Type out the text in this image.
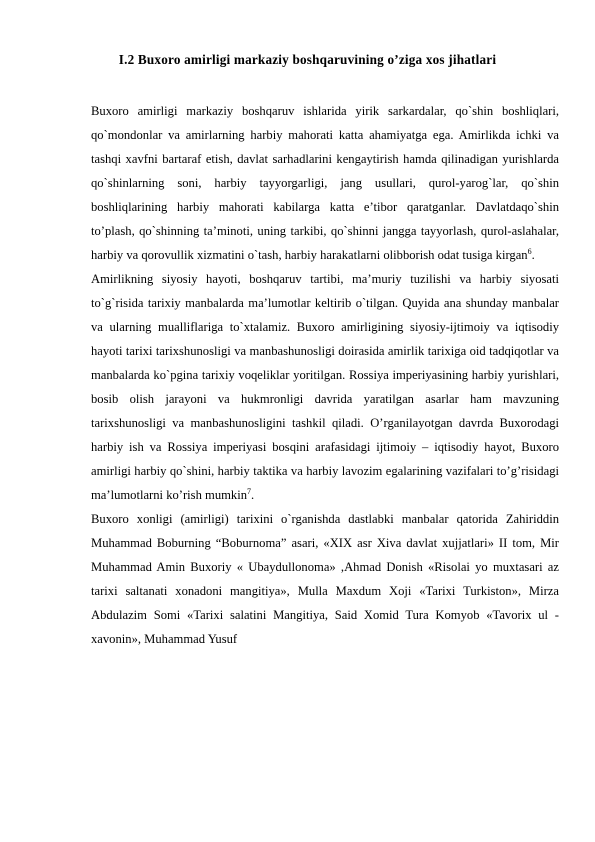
I.2 Buxoro amirligi markaziy boshqaruvining o’ziga xos jihatlari

Buxoro amirligi markaziy boshqaruv ishlarida yirik sarkardalar, qo`shin boshliqlari, qo`mondonlar va amirlarning harbiy mahorati katta ahamiyatga ega. Amirlikda ichki va tashqi xavfni bartaraf etish, davlat sarhadlarini kengaytirish hamda qilinadigan yurishlarda qo`shinlarning soni, harbiy tayyorgarligi, jang usullari, qurol-yarog`lar, qo`shin boshliqlarining harbiy mahorati kabilarga katta e’tibor qaratganlar. Davlatdaqo`shin to’plash, qo`shinning ta’minoti, uning tarkibi, qo`shinni jangga tayyorlash, qurol-aslahalar, harbiy va qorovullik xizmatini o`tash, harbiy harakatlarni olibborish odat tusiga kirgan$^6$.

Amirlikning siyosiy hayoti, boshqaruv tartibi, ma’muriy tuzilishi va harbiy siyosati to`g`risida tarixiy manbalarda ma’lumotlar keltirib o`tilgan. Quyida ana shunday manbalar va ularning mualliflariga to`xtalamiz. Buxoro amirligining siyosiy-ijtimoiy va iqtisodiy hayoti tarixi tarixshunosligi va manbashunosligi doirasida amirlik tarixiga oid tadqiqotlar va manbalarda ko`pgina tarixiy voqeliklar yoritilgan. Rossiya imperiyasining harbiy yurishlari, bosib olish jarayoni va hukmronligi davrida yaratilgan asarlar ham mavzuning tarixshunosligi va manbashunosligini tashkil qiladi. O’rganilayotgan davrda Buxorodagi harbiy ish va Rossiya imperiyasi bosqini arafasidagi ijtimoiy – iqtisodiy hayot, Buxoro amirligi harbiy qo`shini, harbiy taktika va harbiy lavozim egalarining vazifalari to’g’risidagi ma’lumotlarni ko’rish mumkin$^7$.

Buxoro xonligi (amirligi) tarixini o`rganishda dastlabki manbalar qatorida Zahiriddin Muhammad Boburning “Boburnoma” asari, «XIX asr Xiva davlat xujjatlari» II tom, Mir Muhammad Amin Buxoriy « Ubaydullonoma» ,Ahmad Donish «Risolai yo muxtasari az tarixi saltanati xonadoni mangitiya», Mulla Maxdum Xoji «Tarixi Turkiston», Mirza Abdulazim Somi «Tarixi salatini Mangitiya, Said Xomid Tura Komyob «Tavorix ul - xavonin», Muhammad Yusuf
